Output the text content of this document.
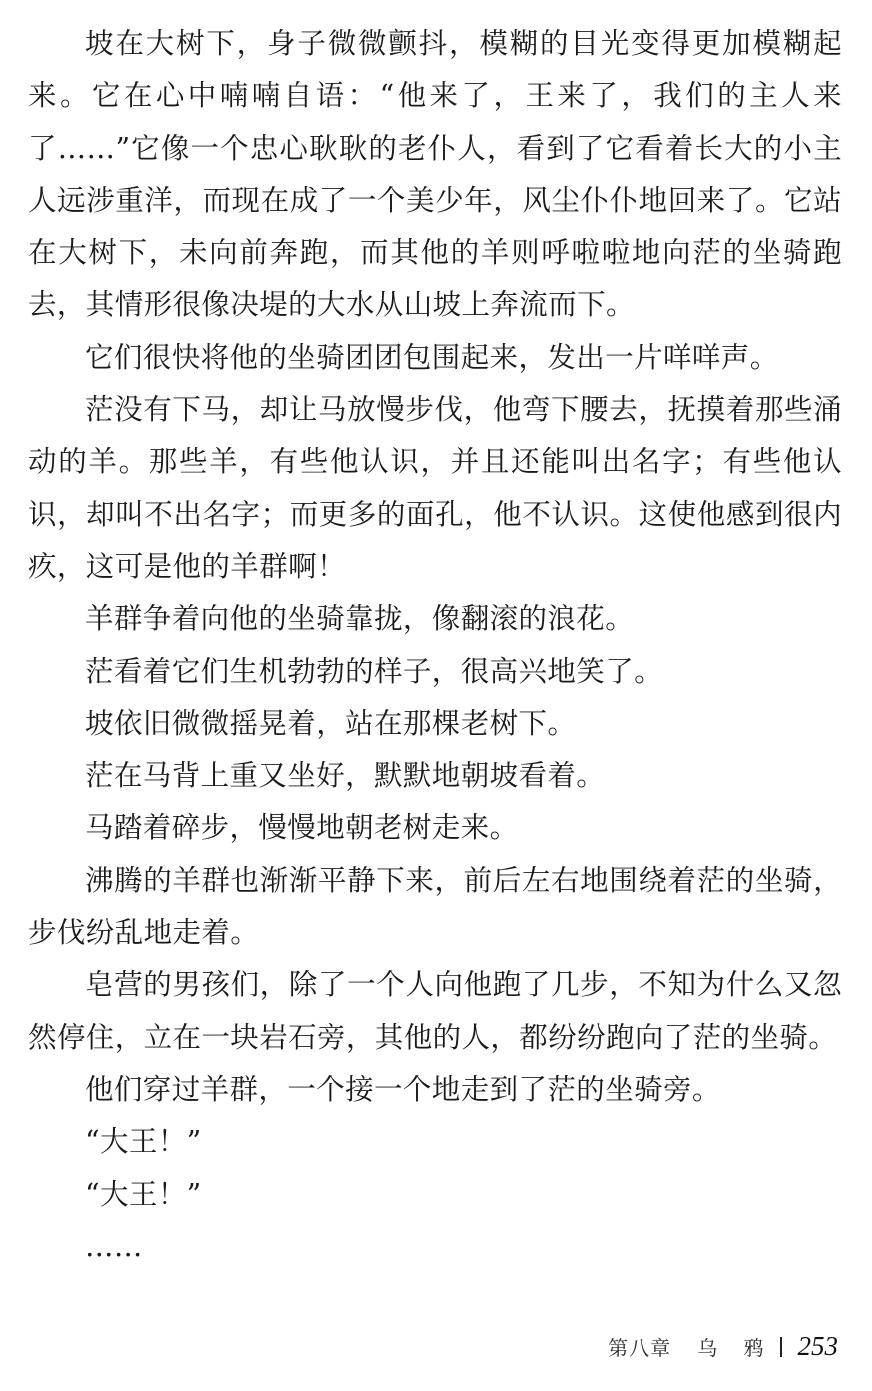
坡在大树下，身子微微颤抖，模糊的目光变得更加模糊起来。它在心中喃喃自语：“他来了，王来了，我们的主人来了……”它像一个忠心耿耿的老仆人，看到了它看着长大的小主人远涉重洋，而现在成了一个美少年，风尘仆仆地回来了。它站在大树下，未向前奔跑，而其他的羊则呼啦啦地向茫的坐骑跑去，其情形很像决堤的大水从山坡上奔流而下。

它们很快将他的坐骑团团包围起来，发出一片咩咩声。

茫没有下马，却让马放慢步伐，他弯下腰去，抚摸着那些涌动的羊。那些羊，有些他认识，并且还能叫出名字；有些他认识，却叫不出名字；而更多的面孔，他不认识。这使他感到很内疚，这可是他的羊群啊！

羊群争着向他的坐骑靠拢，像翻滚的浪花。

茫看着它们生机勃勃的样子，很高兴地笑了。

坡依旧微微摇晃着，站在那棵老树下。

茫在马背上重又坐好，默默地朝坡看着。

马踏着碎步，慢慢地朝老树走来。

沸腾的羊群也渐渐平静下来，前后左右地围绕着茫的坐骑，步伐纷乱地走着。

皂营的男孩们，除了一个人向他跑了几步，不知为什么又忽然停住，立在一块岩石旁，其他的人，都纷纷跑向了茫的坐骑。

他们穿过羊群，一个接一个地走到了茫的坐骑旁。

“大王！”

“大王！”

……

第八章 乌 鸦 253
